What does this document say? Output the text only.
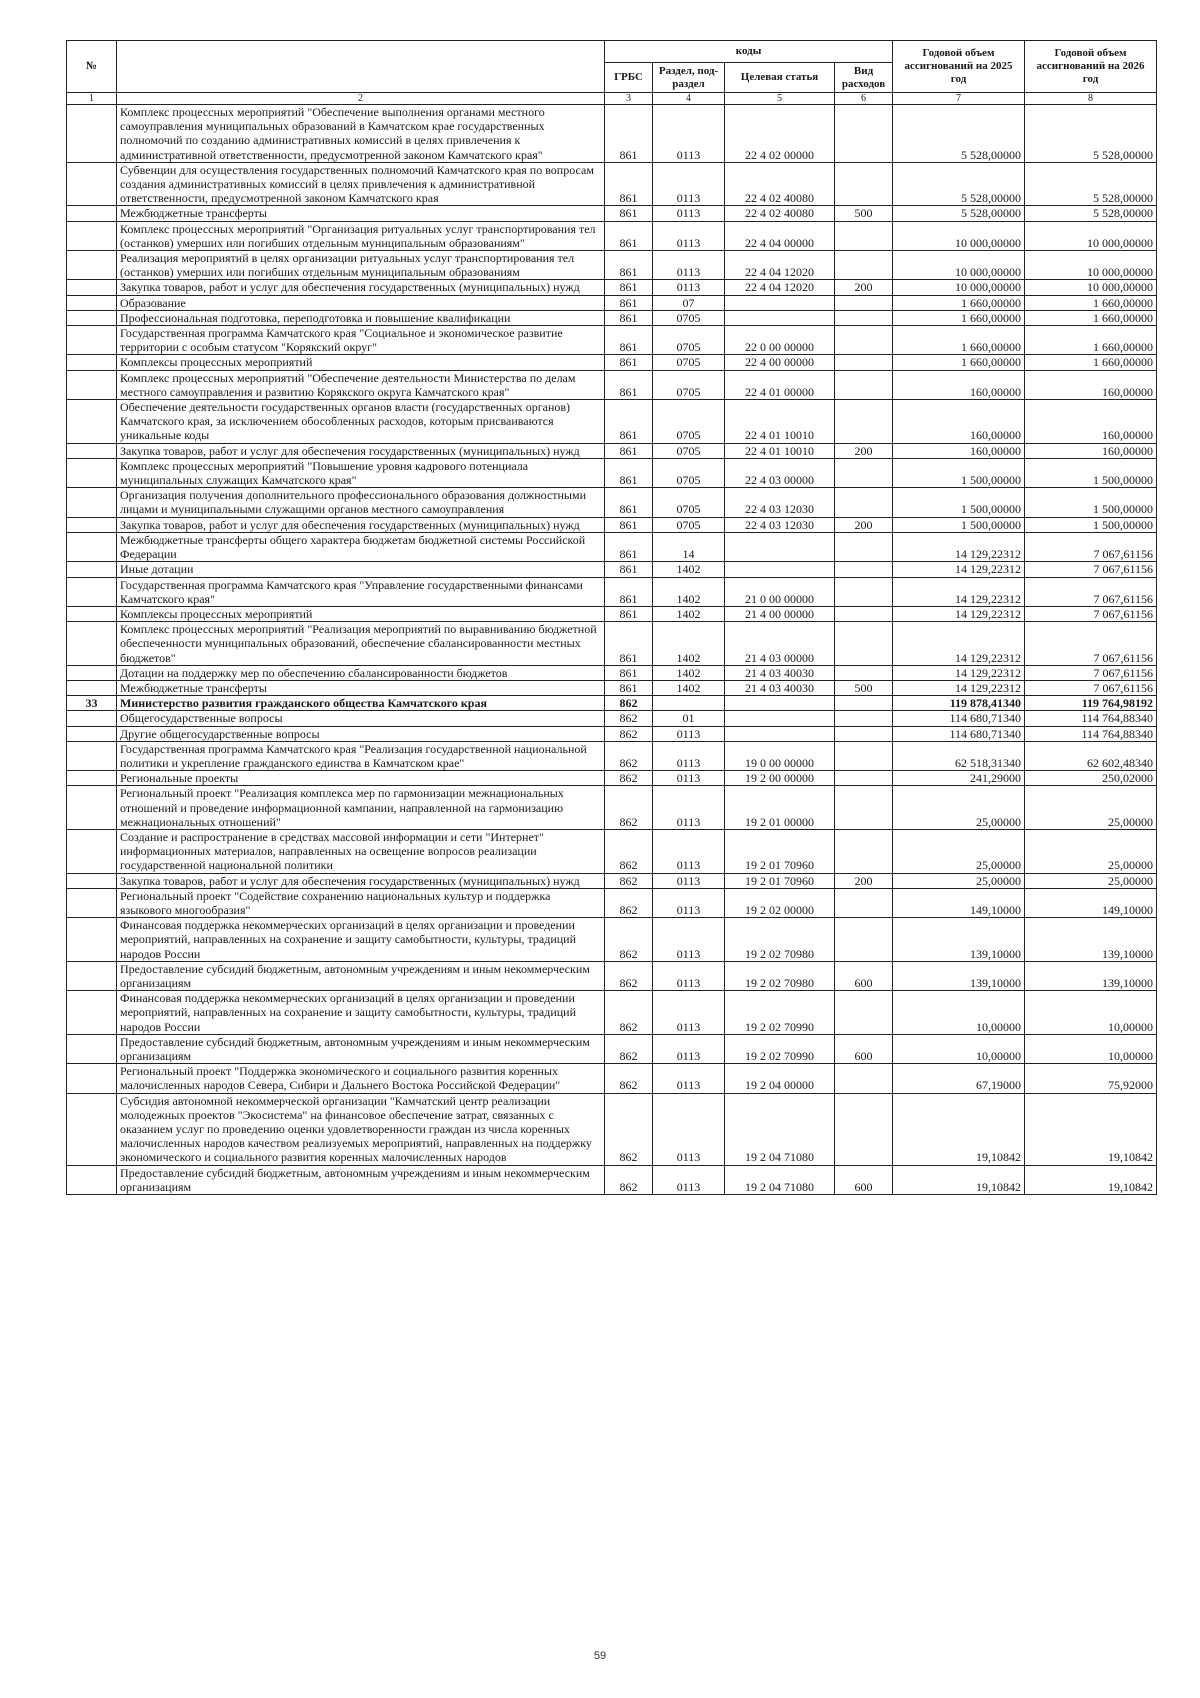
№		коды				Годовой объем ассигнований на 2025 год	Годовой объем ассигнований на 2026 год
		ГРБС	Раздел, под-раздел	Целевая статья	Вид расходов		
1	2	3	4	5	6	7	8
	Комплекс процессных мероприятий "Обеспечение выполнения органами местного самоуправления муниципальных образований в Камчатском крае государственных полномочий по созданию административных комиссий в целях привлечения к административной ответственности, предусмотренной законом Камчатского края"	861	0113	22 4 02 00000		5 528,00000	5 528,00000
	Субвенции для осуществления государственных полномочий Камчатского края по вопросам создания административных комиссий в целях привлечения к административной ответственности, предусмотренной законом Камчатского края	861	0113	22 4 02 40080		5 528,00000	5 528,00000
	Межбюджетные трансферты	861	0113	22 4 02 40080	500	5 528,00000	5 528,00000
	Комплекс процессных мероприятий "Организация ритуальных услуг транспортирования тел (останков) умерших или погибших отдельным муниципальным образованиям"	861	0113	22 4 04 00000		10 000,00000	10 000,00000
	Реализация мероприятий в целях организации ритуальных услуг транспортирования тел (останков) умерших или погибших отдельным муниципальным образованиям	861	0113	22 4 04 12020		10 000,00000	10 000,00000
	Закупка товаров, работ и услуг для обеспечения государственных (муниципальных) нужд	861	0113	22 4 04 12020	200	10 000,00000	10 000,00000
	Образование	861	07			1 660,00000	1 660,00000
	Профессиональная подготовка, переподготовка и повышение квалификации	861	0705			1 660,00000	1 660,00000
	Государственная программа Камчатского края "Социальное и экономическое развитие территории с особым статусом "Корякский округ"	861	0705	22 0 00 00000		1 660,00000	1 660,00000
	Комплексы процессных мероприятий	861	0705	22 4 00 00000		1 660,00000	1 660,00000
	Комплекс процессных мероприятий "Обеспечение деятельности Министерства по делам местного самоуправления и развитию Корякского округа Камчатского края"	861	0705	22 4 01 00000		160,00000	160,00000
	Обеспечение деятельности государственных органов власти (государственных органов) Камчатского края, за исключением обособленных расходов, которым присваиваются уникальные коды	861	0705	22 4 01 10010		160,00000	160,00000
	Закупка товаров, работ и услуг для обеспечения государственных (муниципальных) нужд	861	0705	22 4 01 10010	200	160,00000	160,00000
	Комплекс процессных мероприятий "Повышение уровня кадрового потенциала муниципальных служащих Камчатского края"	861	0705	22 4 03 00000		1 500,00000	1 500,00000
	Организация получения дополнительного профессионального образования должностными лицами и муниципальными служащими органов местного самоуправления	861	0705	22 4 03 12030		1 500,00000	1 500,00000
	Закупка товаров, работ и услуг для обеспечения государственных (муниципальных) нужд	861	0705	22 4 03 12030	200	1 500,00000	1 500,00000
	Межбюджетные трансферты общего характера бюджетам бюджетной системы Российской Федерации	861	14			14 129,22312	7 067,61156
	Иные дотации	861	1402			14 129,22312	7 067,61156
	Государственная программа Камчатского края "Управление государственными финансами Камчатского края"	861	1402	21 0 00 00000		14 129,22312	7 067,61156
	Комплексы процессных мероприятий	861	1402	21 4 00 00000		14 129,22312	7 067,61156
	Комплекс процессных мероприятий "Реализация мероприятий по выравниванию бюджетной обеспеченности муниципальных образований, обеспечение сбалансированности местных бюджетов"	861	1402	21 4 03 00000		14 129,22312	7 067,61156
	Дотации на поддержку мер по обеспечению сбалансированности бюджетов	861	1402	21 4 03 40030		14 129,22312	7 067,61156
	Межбюджетные трансферты	861	1402	21 4 03 40030	500	14 129,22312	7 067,61156
33	Министерство развития гражданского общества Камчатского края	862				119 878,41340	119 764,98192
	Общегосударственные вопросы	862	01			114 680,71340	114 764,88340
	Другие общегосударственные вопросы	862	0113			114 680,71340	114 764,88340
	Государственная программа Камчатского края "Реализация государственной национальной политики и укрепление гражданского единства в Камчатском крае"	862	0113	19 0 00 00000		62 518,31340	62 602,48340
	Региональные проекты	862	0113	19 2 00 00000		241,29000	250,02000
	Региональный проект "Реализация комплекса мер по гармонизации межнациональных отношений и проведение информационной кампании, направленной на гармонизацию межнациональных отношений"	862	0113	19 2 01 00000		25,00000	25,00000
	Создание и распространение в средствах массовой информации и сети "Интернет" информационных материалов, направленных на освещение вопросов реализации государственной национальной политики	862	0113	19 2 01 70960		25,00000	25,00000
	Закупка товаров, работ и услуг для обеспечения государственных (муниципальных) нужд	862	0113	19 2 01 70960	200	25,00000	25,00000
	Региональный проект "Содействие сохранению национальных культур и поддержка языкового многообразия"	862	0113	19 2 02 00000		149,10000	149,10000
	Финансовая поддержка некоммерческих организаций в целях организации и проведении мероприятий, направленных на сохранение и защиту самобытности, культуры, традиций народов России	862	0113	19 2 02 70980		139,10000	139,10000
	Предоставление субсидий бюджетным, автономным учреждениям и иным некоммерческим организациям	862	0113	19 2 02 70980	600	139,10000	139,10000
	Финансовая поддержка некоммерческих организаций в целях организации и проведении мероприятий, направленных на сохранение и защиту самобытности, культуры, традиций народов России	862	0113	19 2 02 70990		10,00000	10,00000
	Предоставление субсидий бюджетным, автономным учреждениям и иным некоммерческим организациям	862	0113	19 2 02 70990	600	10,00000	10,00000
	Региональный проект "Поддержка экономического и социального развития коренных малочисленных народов Севера, Сибири и Дальнего Востока Российской Федерации"	862	0113	19 2 04 00000		67,19000	75,92000
	Субсидия автономной некоммерческой организации "Камчатский центр реализации молодежных проектов "Экосистема" на финансовое обеспечение затрат, связанных с оказанием услуг по проведению оценки удовлетворенности граждан из числа коренных малочисленных народов качеством реализуемых мероприятий, направленных на поддержку экономического и социального развития коренных малочисленных народов	862	0113	19 2 04 71080		19,10842	19,10842
	Предоставление субсидий бюджетным, автономным учреждениям и иным некоммерческим организациям	862	0113	19 2 04 71080	600	19,10842	19,10842
59
